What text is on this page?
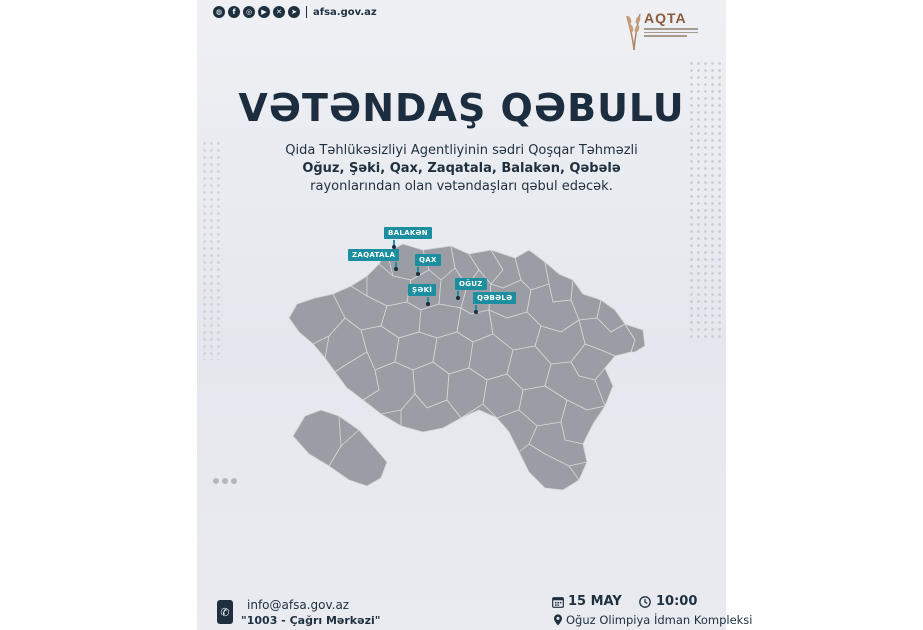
◍	f	◎	▶	✕	➤	afsa.gov.az	AQTA
VƏTƏNDAŞ QƏBULU
Qida Təhlükəsizliyi Agentliyinin sədri Qoşqar Təhməzli
Oğuz, Şəki, Qax, Zaqatala, Balakən, Qəbələ
rayonlarından olan vətəndaşları qəbul edəcək.
BALAKƏN
ZAQATALA
QAX
OĞUZ
ŞƏKİ
QƏBƏLƏ
✆ info@afsa.gov.az
"1003 - Çağrı Mərkəzi"
15 MAY	10:00
Oğuz Olimpiya İdman Kompleksi
